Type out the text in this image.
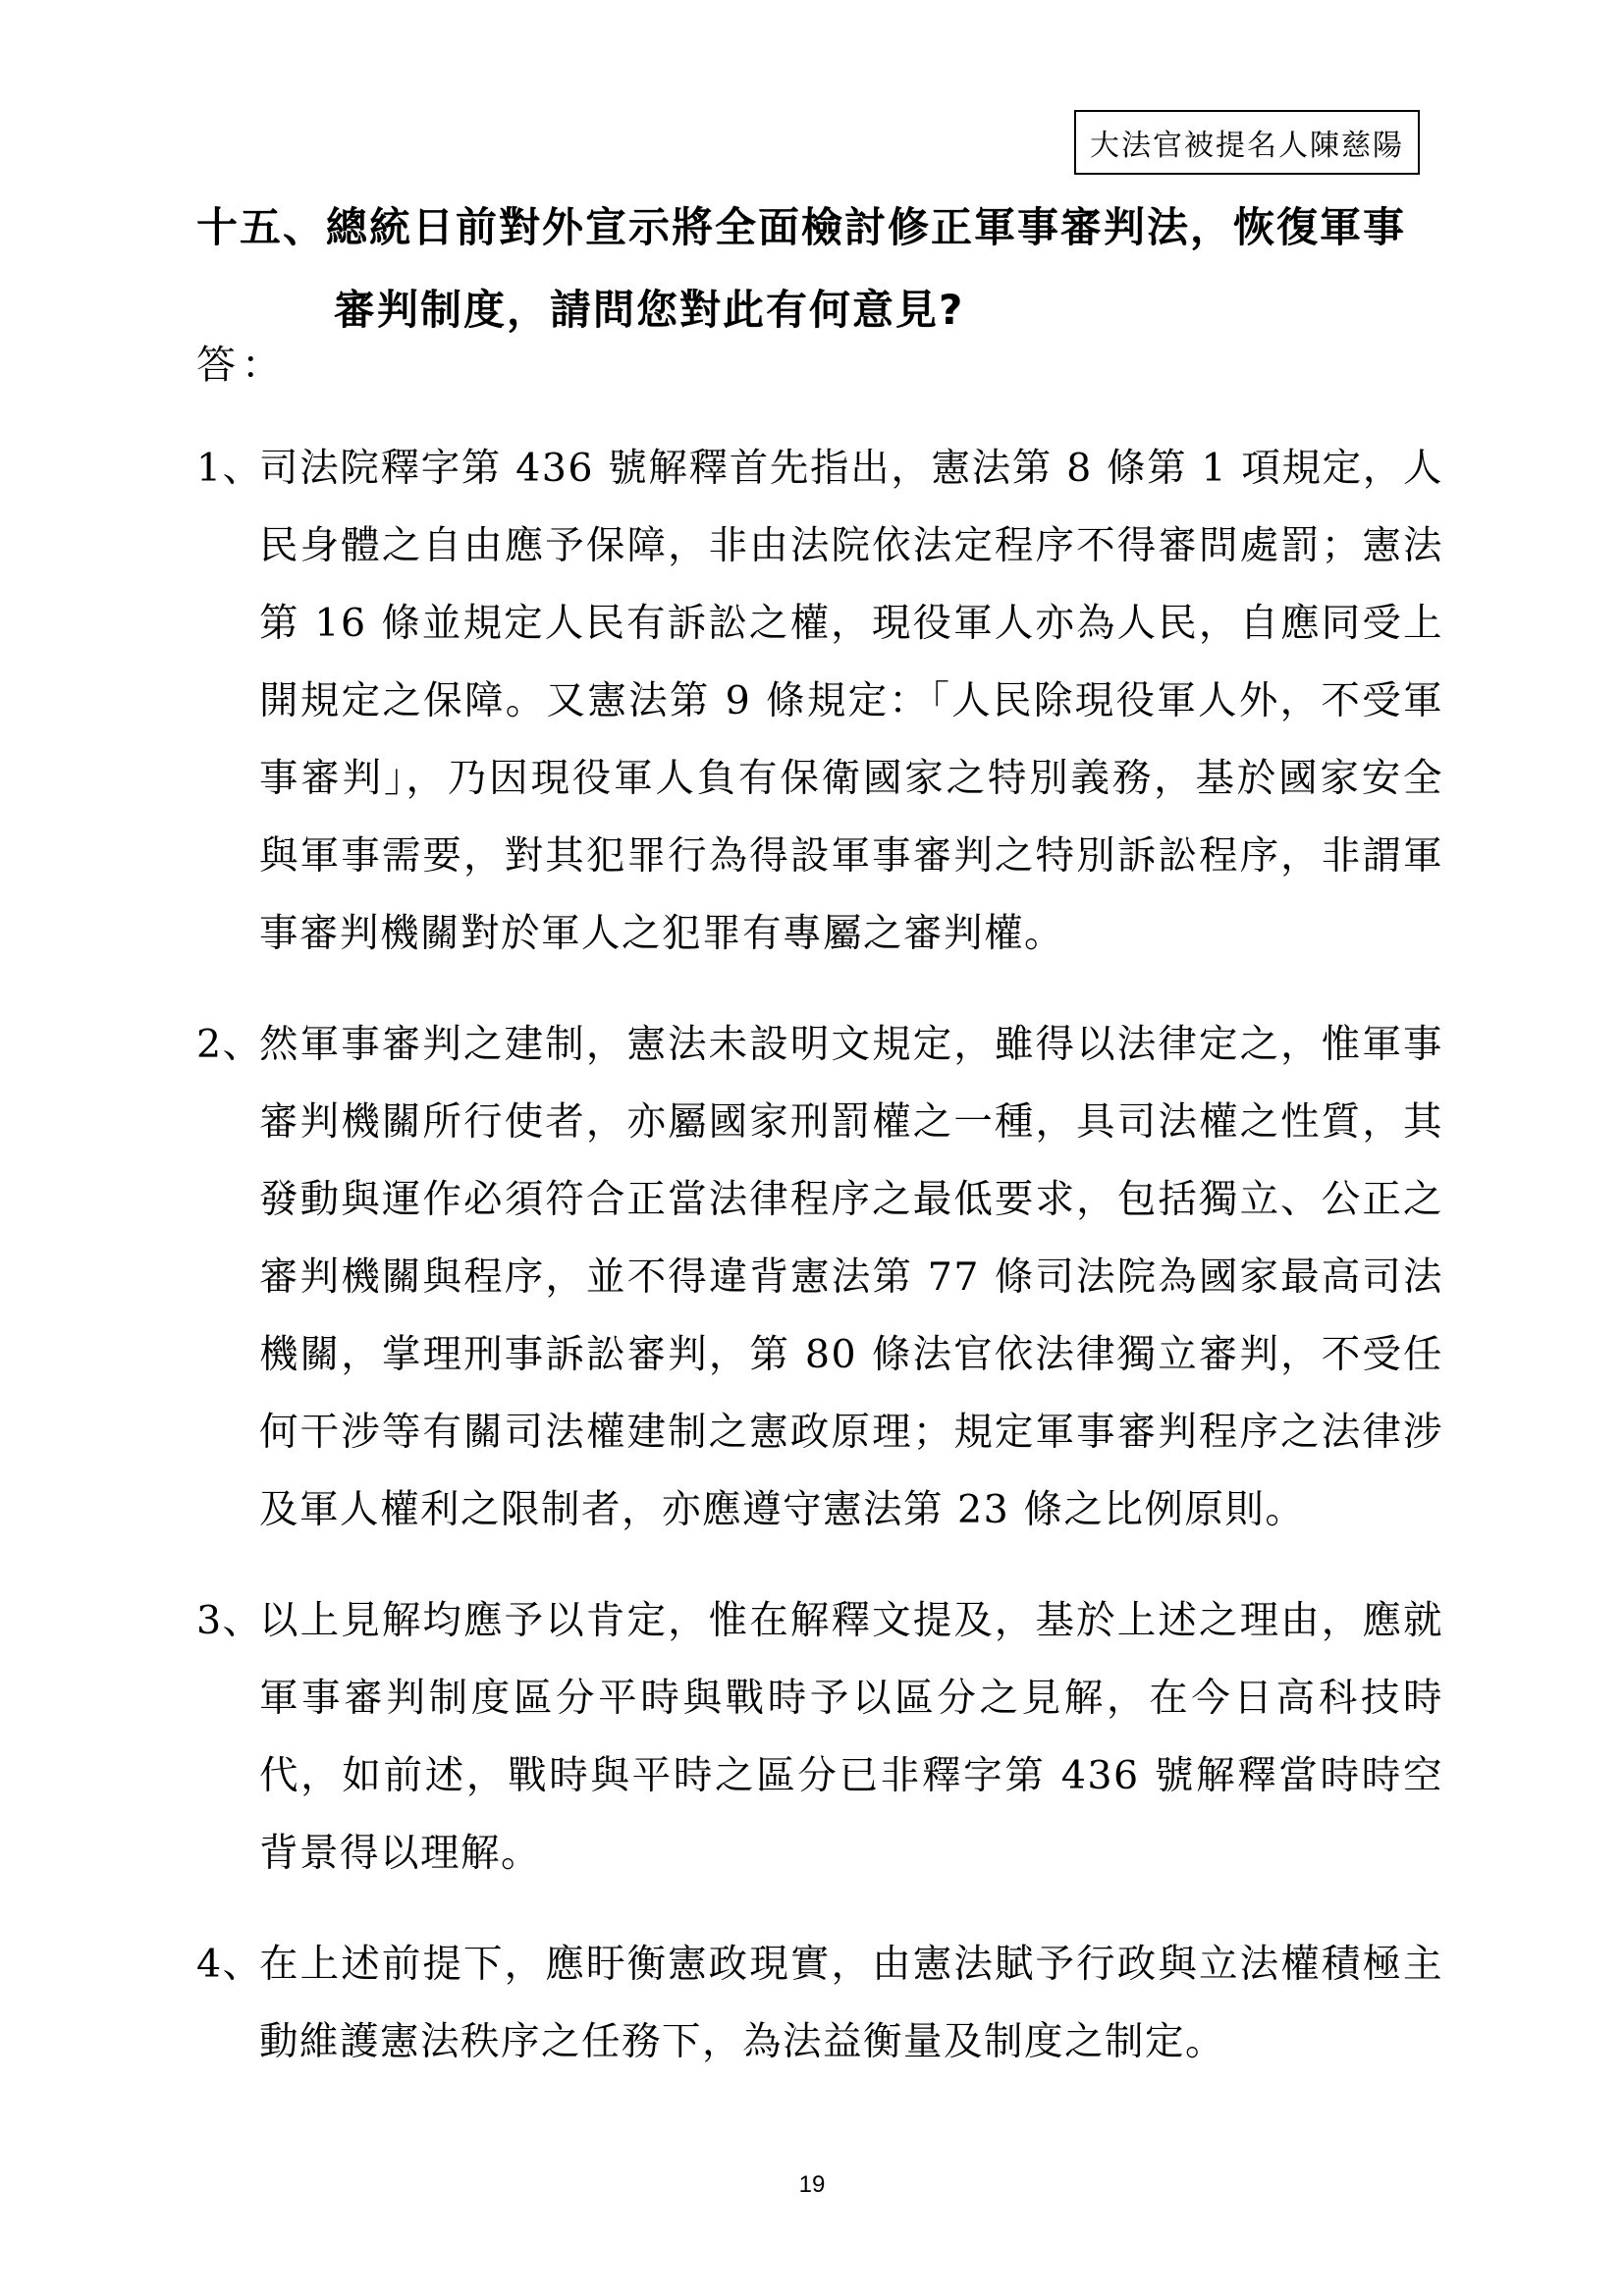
大法官被提名人陳慈陽
十五、總統日前對外宣示將全面檢討修正軍事審判法，恢復軍事
審判制度，請問您對此有何意見?
答：
1、
司法院釋字第 436 號解釋首先指出，憲法第 8 條第 1 項規定，人民身體之自由應予保障，非由法院依法定程序不得審問處罰；憲法第 16 條並規定人民有訴訟之權，現役軍人亦為人民，自應同受上開規定之保障。又憲法第 9 條規定：「人民除現役軍人外，不受軍事審判」，乃因現役軍人負有保衛國家之特別義務，基於國家安全與軍事需要，對其犯罪行為得設軍事審判之特別訴訟程序，非謂軍事審判機關對於軍人之犯罪有專屬之審判權。
2、
然軍事審判之建制，憲法未設明文規定，雖得以法律定之，惟軍事審判機關所行使者，亦屬國家刑罰權之一種，具司法權之性質，其發動與運作必須符合正當法律程序之最低要求，包括獨立、公正之審判機關與程序，並不得違背憲法第 77 條司法院為國家最高司法機關，掌理刑事訴訟審判，第 80 條法官依法律獨立審判，不受任何干涉等有關司法權建制之憲政原理；規定軍事審判程序之法律涉及軍人權利之限制者，亦應遵守憲法第 23 條之比例原則。
3、
以上見解均應予以肯定，惟在解釋文提及，基於上述之理由，應就軍事審判制度區分平時與戰時予以區分之見解，在今日高科技時代，如前述，戰時與平時之區分已非釋字第 436 號解釋當時時空背景得以理解。
4、
在上述前提下，應盱衡憲政現實，由憲法賦予行政與立法權積極主動維護憲法秩序之任務下，為法益衡量及制度之制定。
19
